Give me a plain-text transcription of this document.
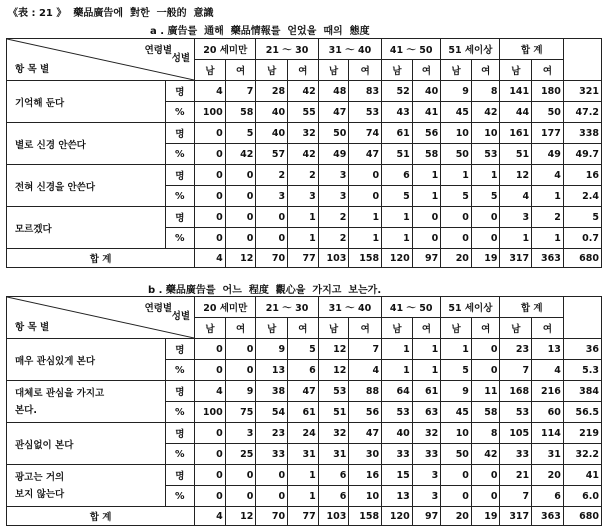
《表 : 21 》  藥品廣告에  對한  一般的  意識
a . 廣告를  通해  藥品情報를  얻었을  때의  態度
b . 藥品廣告를  어느  程度  觀心을  가지고  보는가.
연령별
성별
항 목 별		20 세미만		21 ～ 30		31 ～ 40		41 ～ 50		51 세이상		합 계		
		남	여	남	여	남	여	남	여	남	여	남	여	
기억해 둔다	명	4	7	28	42	48	83	52	40	9	8	141	180	321
	%	100	58	40	55	47	53	43	41	45	42	44	50	47.2
별로 신경 안쓴다	명	0	5	40	32	50	74	61	56	10	10	161	177	338
	%	0	42	57	42	49	47	51	58	50	53	51	49	49.7
전혀 신경을 안쓴다	명	0	0	2	2	3	0	6	1	1	1	12	4	16
	%	0	0	3	3	3	0	5	1	5	5	4	1	2.4
모르겠다	명	0	0	0	1	2	1	1	0	0	0	3	2	5
	%	0	0	0	1	2	1	1	0	0	0	1	1	0.7
합 계		4	12	70	77	103	158	120	97	20	19	317	363	680
연령별
성별
항 목 별		20 세미만		21 ～ 30		31 ～ 40		41 ～ 50		51 세이상		합 계		
		남	여	남	여	남	여	남	여	남	여	남	여	
매우 관심있게 본다	명	0	0	9	5	12	7	1	1	1	0	23	13	36
	%	0	0	13	6	12	4	1	1	5	0	7	4	5.3

대체로 관심을 가지고
본다.	명	4	9	38	47	53	88	64	61	9	11	168	216	384
	%	100	75	54	61	51	56	53	63	45	58	53	60	56.5
관심없이 본다	명	0	3	23	24	32	47	40	32	10	8	105	114	219
	%	0	25	33	31	31	30	33	33	50	42	33	31	32.2

광고는 거의
보지 않는다	명	0	0	0	1	6	16	15	3	0	0	21	20	41
	%	0	0	0	1	6	10	13	3	0	0	7	6	6.0
합 계		4	12	70	77	103	158	120	97	20	19	317	363	680
